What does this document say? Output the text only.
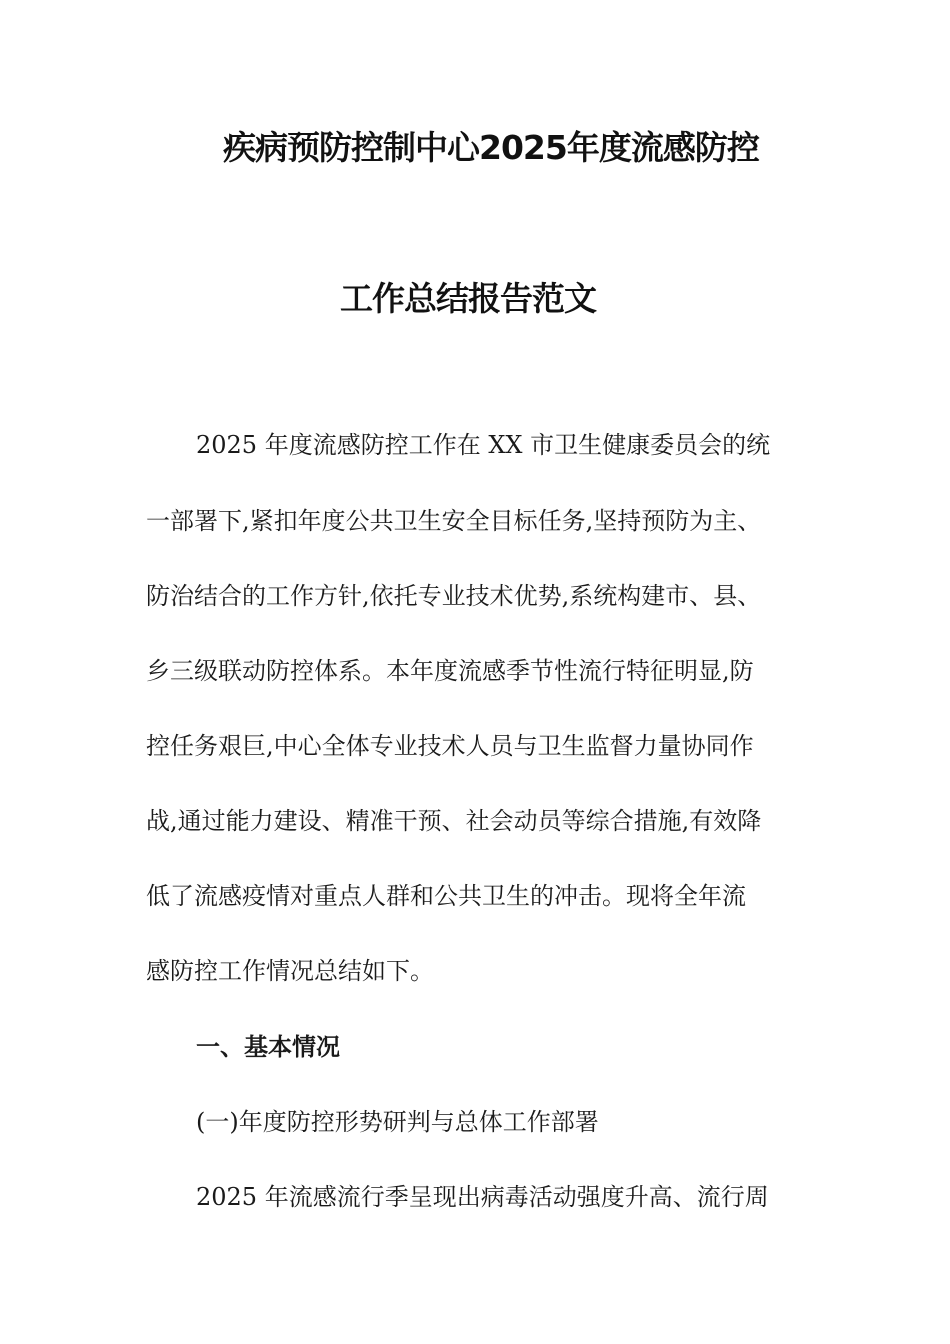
疾病预防控制中心2025年度流感防控
工作总结报告范文
2025 年度流感防控工作在 XX 市卫生健康委员会的统
一部署下,紧扣年度公共卫生安全目标任务,坚持预防为主、
防治结合的工作方针,依托专业技术优势,系统构建市、县、
乡三级联动防控体系。本年度流感季节性流行特征明显,防
控任务艰巨,中心全体专业技术人员与卫生监督力量协同作
战,通过能力建设、精准干预、社会动员等综合措施,有效降
低了流感疫情对重点人群和公共卫生的冲击。现将全年流
感防控工作情况总结如下。
一、基本情况
(一)年度防控形势研判与总体工作部署
2025 年流感流行季呈现出病毒活动强度升高、流行周
